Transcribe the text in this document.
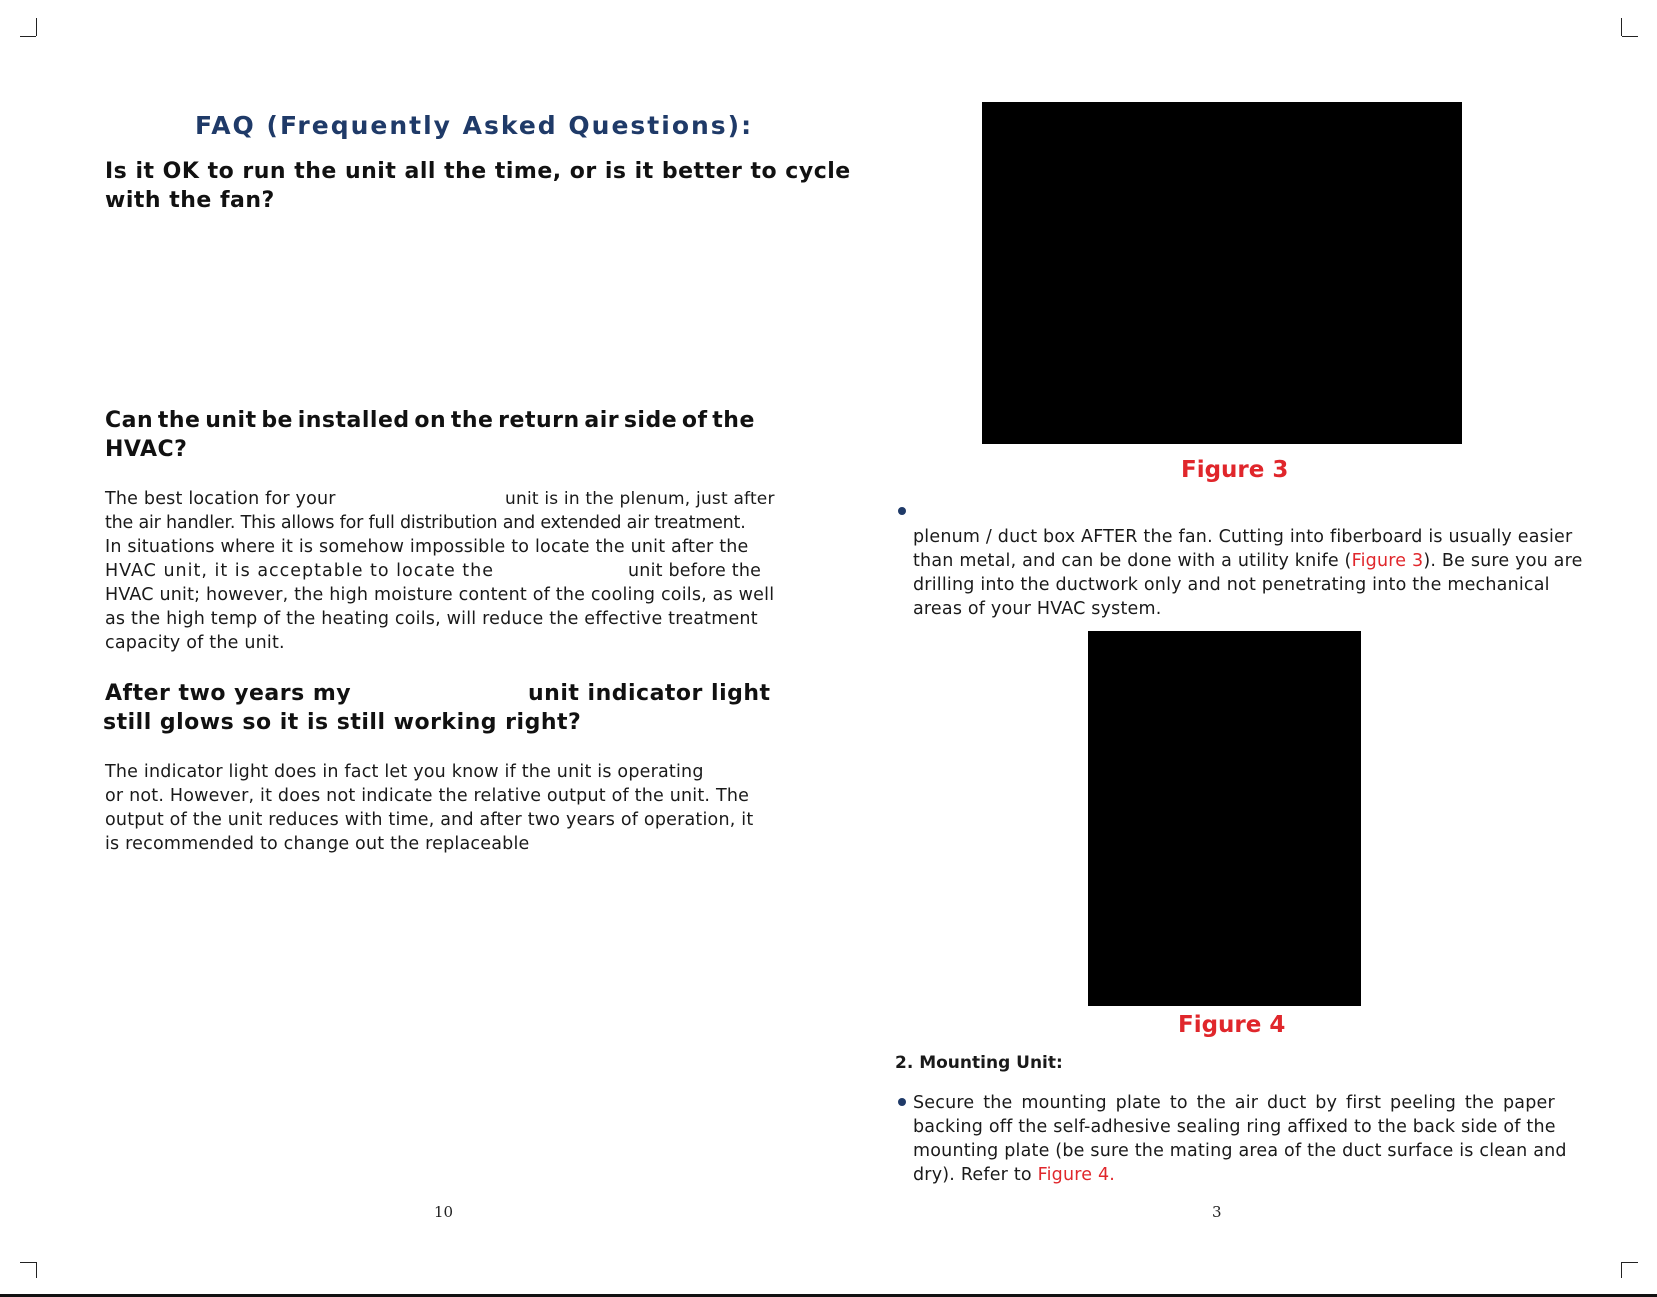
FAQ (Frequently Asked Questions):
Is it OK to run the unit all the time, or is it better to cycle
with the fan?
Can the unit be installed on the return air side of the
HVAC?
The best location for your	unit is in the plenum, just after
the air handler. This allows for full distribution and extended air treatment.
In situations where it is somehow impossible to locate the unit after the
HVAC unit, it is acceptable to locate the	unit before the
HVAC unit; however, the high moisture content of the cooling coils, as well
as the high temp of the heating coils, will reduce the effective treatment
capacity of the unit.
After two years my	unit indicator light
still glows so it is still working right?
The indicator light does in fact let you know if the unit is operating
or not. However, it does not indicate the relative output of the unit. The
output of the unit reduces with time, and after two years of operation, it
is recommended to change out the replaceable
10
Figure 3
plenum / duct box AFTER the fan. Cutting into fiberboard is usually easier
than metal, and can be done with a utility knife (Figure 3). Be sure you are
drilling into the ductwork only and not penetrating into the mechanical
areas of your HVAC system.
Figure 4
2. Mounting Unit:
Secure the mounting plate to the air duct by first peeling the paper
backing off the self-adhesive sealing ring affixed to the back side of the
mounting plate (be sure the mating area of the duct surface is clean and
dry). Refer to Figure 4.
3
